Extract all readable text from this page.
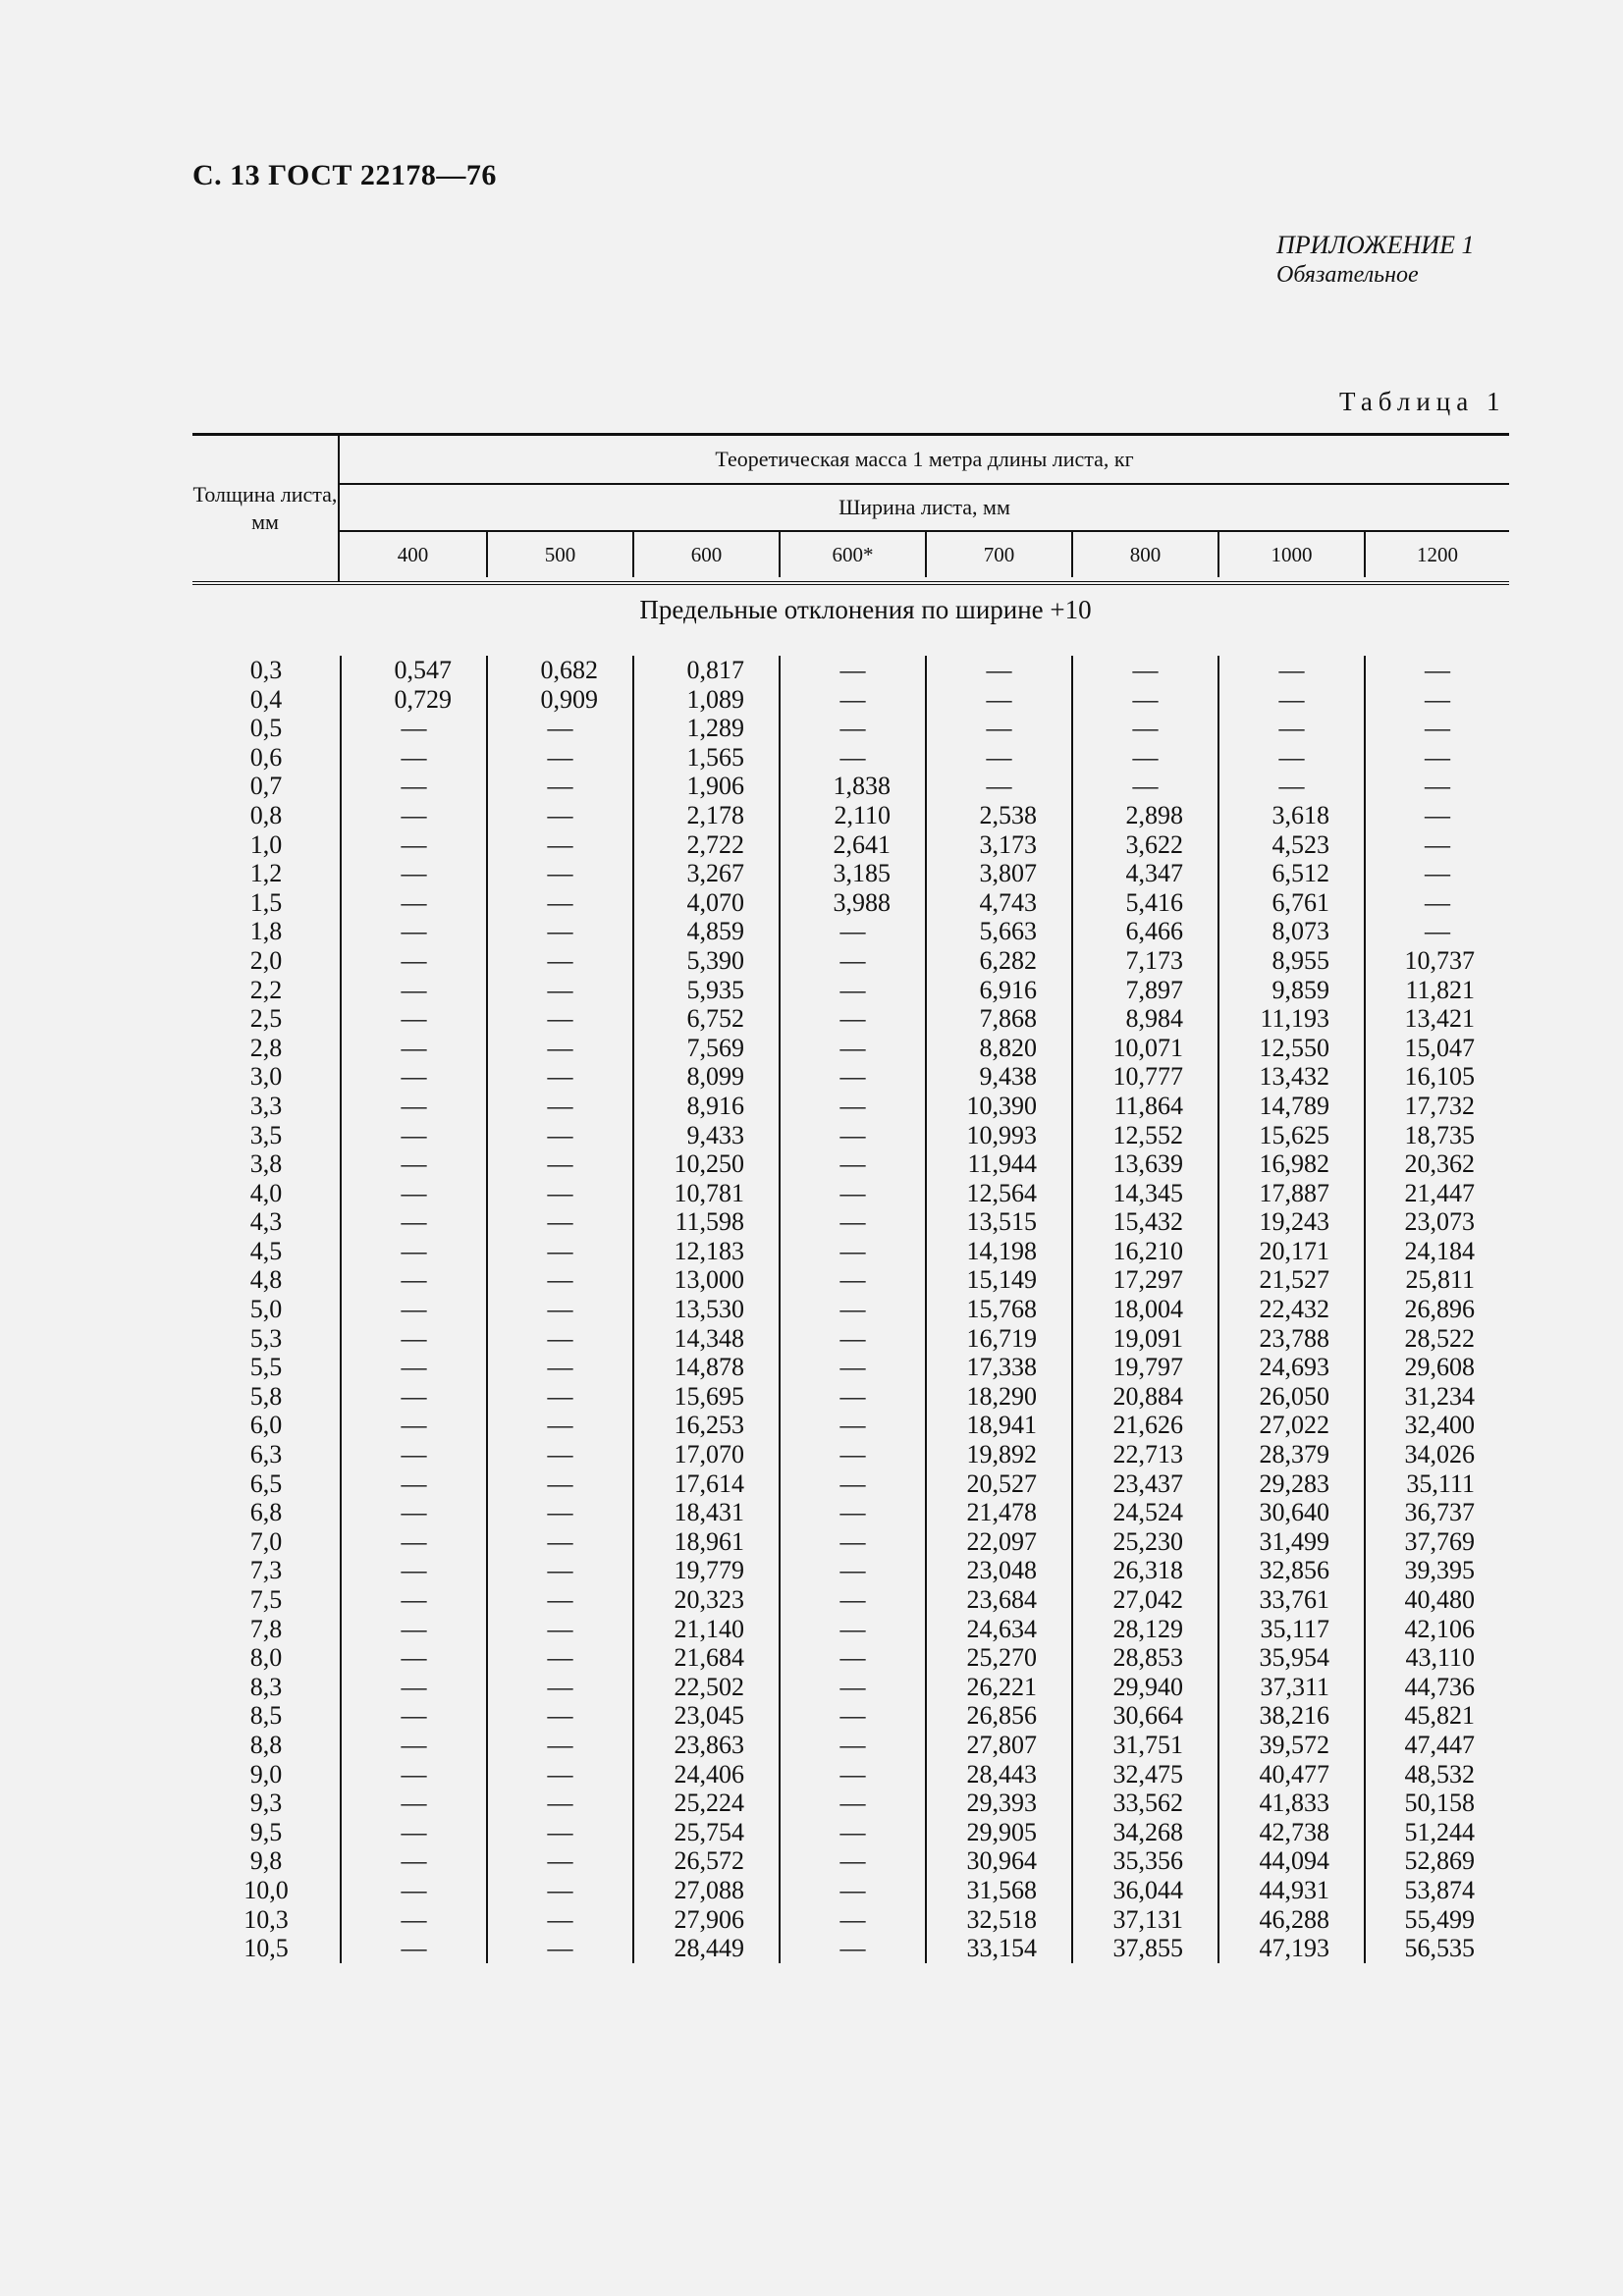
С. 13 ГОСТ 22178—76
ПРИЛОЖЕНИЕ 1
Обязательное
Таблица 1
Толщина листа, мм
Теоретическая масса 1 метра длины листа, кг
Ширина листа, мм
400	500	600	600*	700	800	1000	1200
Предельные отклонения по ширине +10
0,3	0,547	0,682	0,817	—	—	—	—	—
0,4	0,729	0,909	1,089	—	—	—	—	—
0,5	—	—	1,289	—	—	—	—	—
0,6	—	—	1,565	—	—	—	—	—
0,7	—	—	1,906	1,838	—	—	—	—
0,8	—	—	2,178	2,110	2,538	2,898	3,618	—
1,0	—	—	2,722	2,641	3,173	3,622	4,523	—
1,2	—	—	3,267	3,185	3,807	4,347	6,512	—
1,5	—	—	4,070	3,988	4,743	5,416	6,761	—
1,8	—	—	4,859	—	5,663	6,466	8,073	—
2,0	—	—	5,390	—	6,282	7,173	8,955	10,737
2,2	—	—	5,935	—	6,916	7,897	9,859	11,821
2,5	—	—	6,752	—	7,868	8,984	11,193	13,421
2,8	—	—	7,569	—	8,820	10,071	12,550	15,047
3,0	—	—	8,099	—	9,438	10,777	13,432	16,105
3,3	—	—	8,916	—	10,390	11,864	14,789	17,732
3,5	—	—	9,433	—	10,993	12,552	15,625	18,735
3,8	—	—	10,250	—	11,944	13,639	16,982	20,362
4,0	—	—	10,781	—	12,564	14,345	17,887	21,447
4,3	—	—	11,598	—	13,515	15,432	19,243	23,073
4,5	—	—	12,183	—	14,198	16,210	20,171	24,184
4,8	—	—	13,000	—	15,149	17,297	21,527	25,811
5,0	—	—	13,530	—	15,768	18,004	22,432	26,896
5,3	—	—	14,348	—	16,719	19,091	23,788	28,522
5,5	—	—	14,878	—	17,338	19,797	24,693	29,608
5,8	—	—	15,695	—	18,290	20,884	26,050	31,234
6,0	—	—	16,253	—	18,941	21,626	27,022	32,400
6,3	—	—	17,070	—	19,892	22,713	28,379	34,026
6,5	—	—	17,614	—	20,527	23,437	29,283	35,111
6,8	—	—	18,431	—	21,478	24,524	30,640	36,737
7,0	—	—	18,961	—	22,097	25,230	31,499	37,769
7,3	—	—	19,779	—	23,048	26,318	32,856	39,395
7,5	—	—	20,323	—	23,684	27,042	33,761	40,480
7,8	—	—	21,140	—	24,634	28,129	35,117	42,106
8,0	—	—	21,684	—	25,270	28,853	35,954	43,110
8,3	—	—	22,502	—	26,221	29,940	37,311	44,736
8,5	—	—	23,045	—	26,856	30,664	38,216	45,821
8,8	—	—	23,863	—	27,807	31,751	39,572	47,447
9,0	—	—	24,406	—	28,443	32,475	40,477	48,532
9,3	—	—	25,224	—	29,393	33,562	41,833	50,158
9,5	—	—	25,754	—	29,905	34,268	42,738	51,244
9,8	—	—	26,572	—	30,964	35,356	44,094	52,869
10,0	—	—	27,088	—	31,568	36,044	44,931	53,874
10,3	—	—	27,906	—	32,518	37,131	46,288	55,499
10,5	—	—	28,449	—	33,154	37,855	47,193	56,535
